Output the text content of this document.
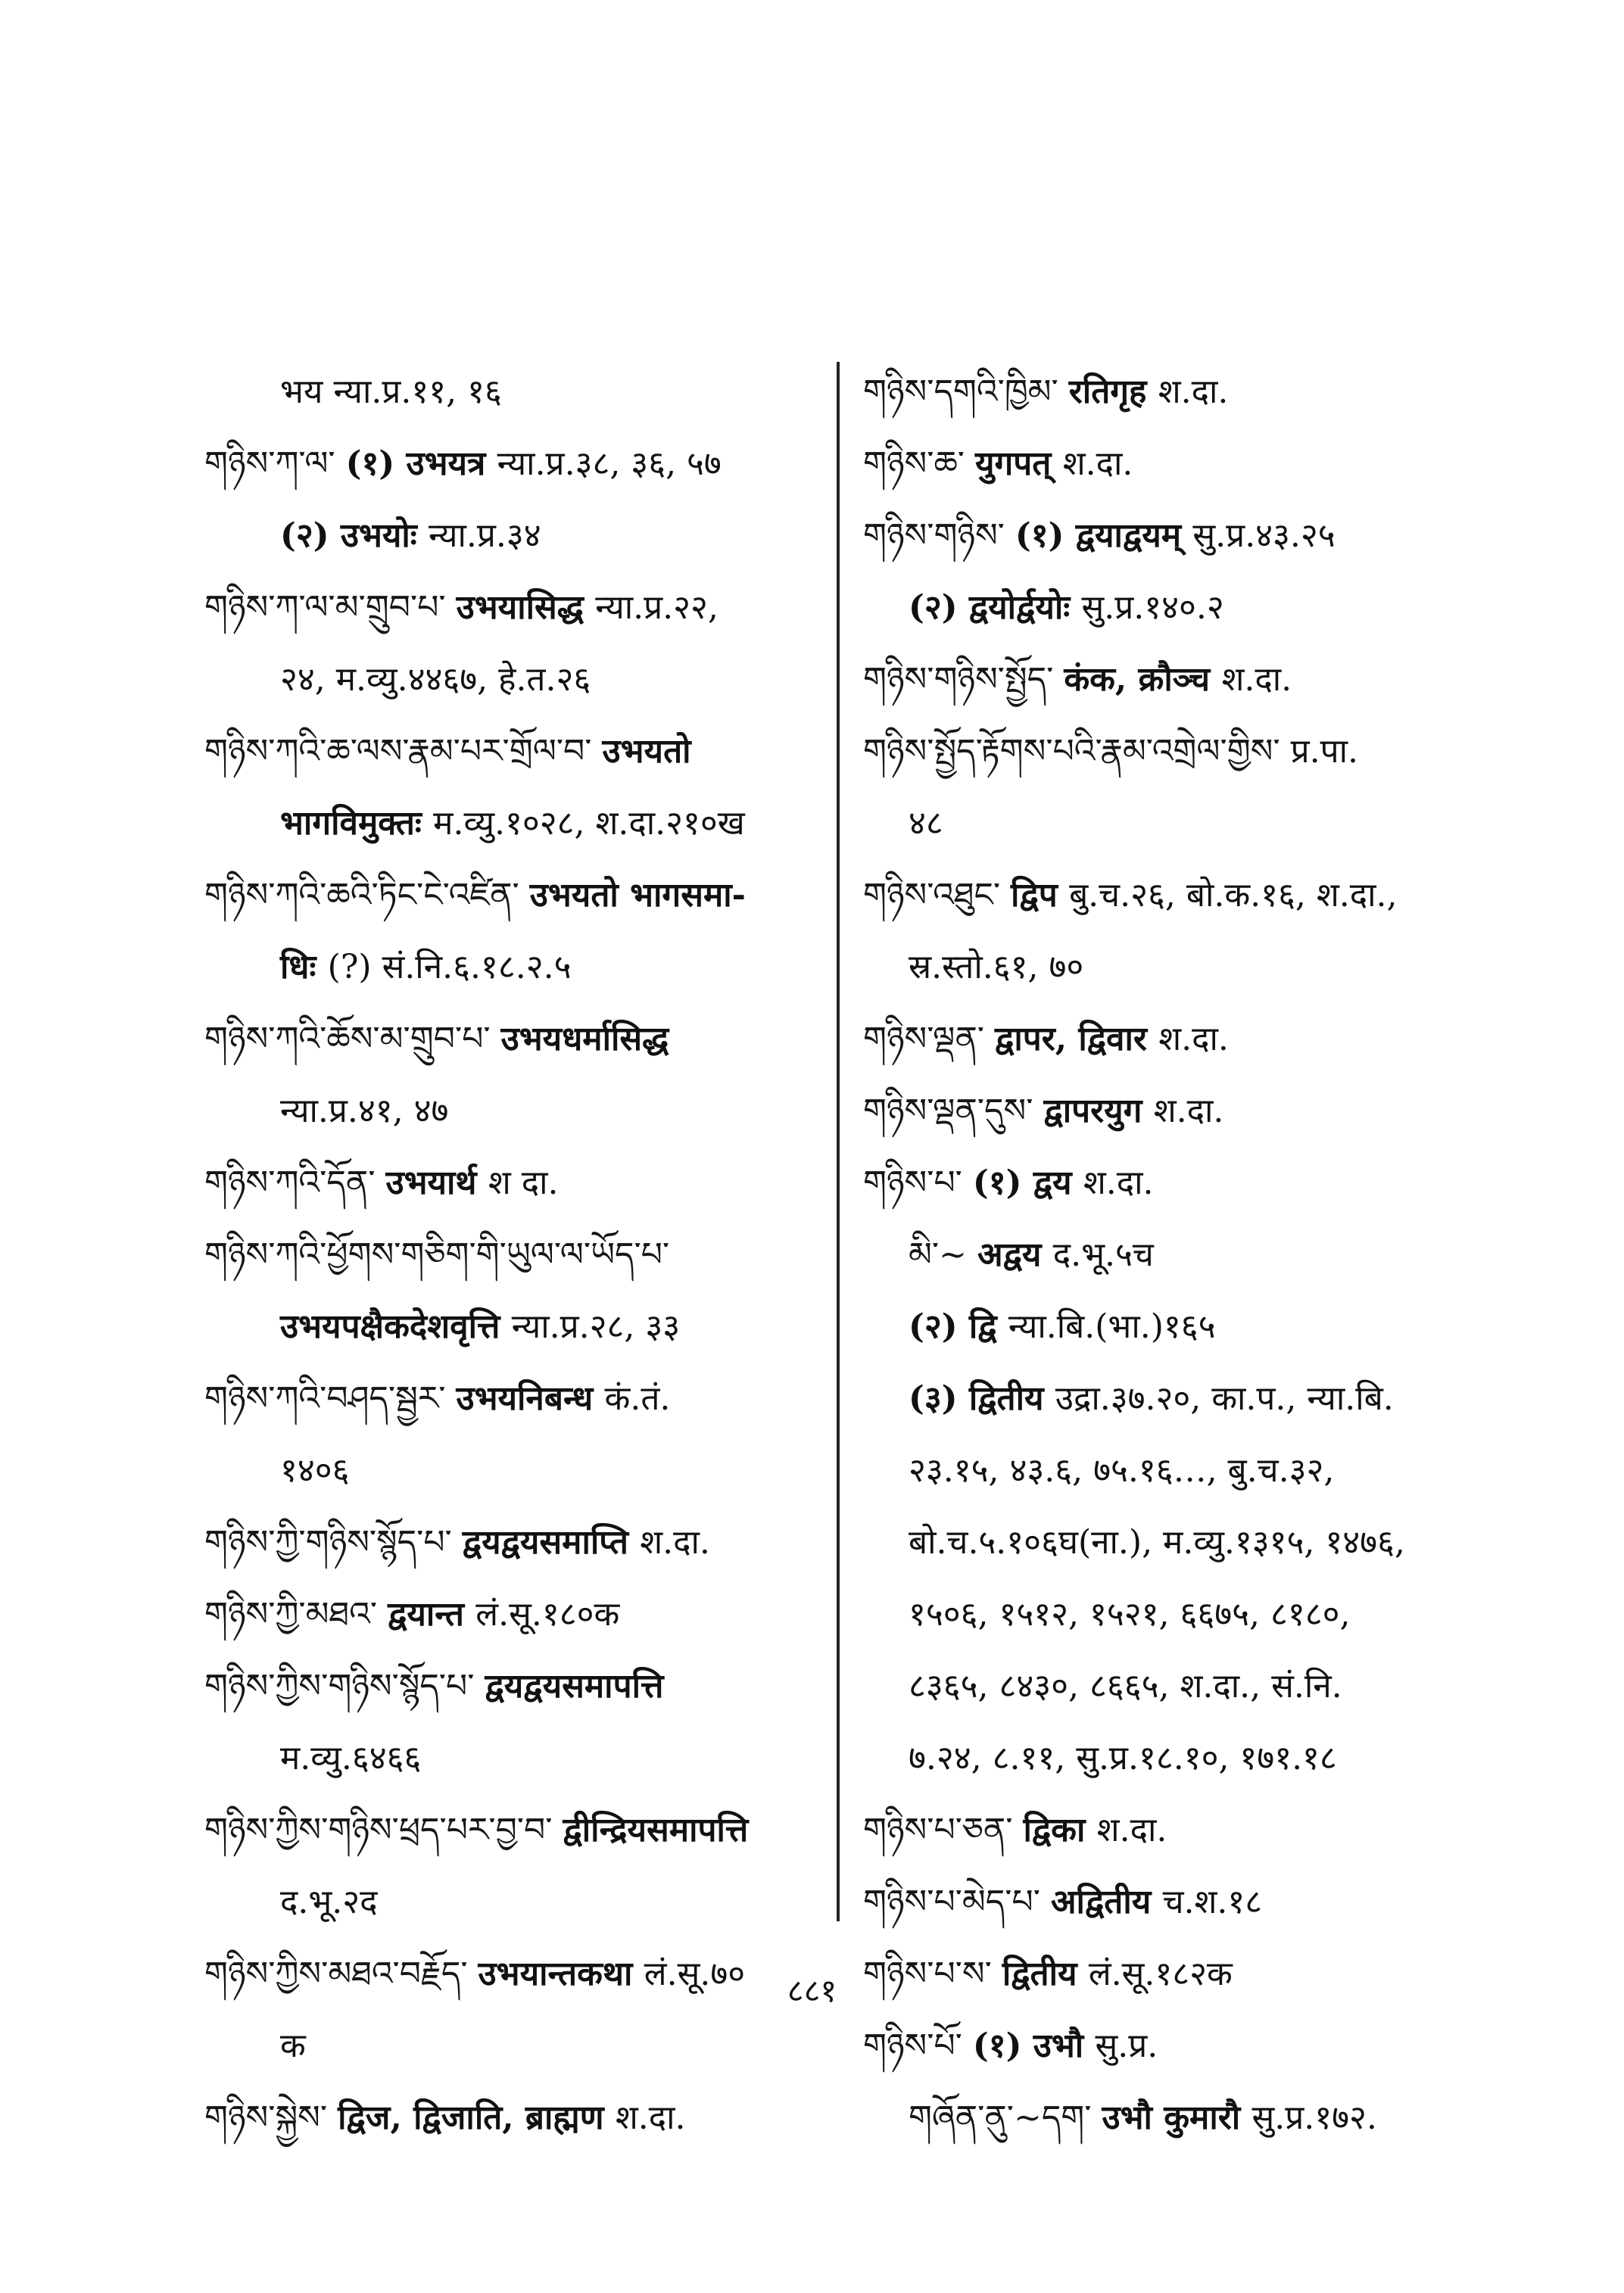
भय न्या.प्र.११, १६
གཉིས་ཀ་ལ་ (१) उभयत्र न्या.प्र.३८, ३६, ५७
(२) उभयोः न्या.प्र.३४
གཉིས་ཀ་ལ་མ་གྲུབ་པ་ उभयासिद्ध न्या.प्र.२२,
२४, म.व्यु.४४६७, हे.त.२६
གཉིས་ཀའི་ཆ་ལས་རྣམ་པར་གྲོལ་བ་ उभयतो
भागविमुक्तः म.व्यु.१०२८, श.दा.२१०ख
གཉིས་ཀའི་ཆའི་ཏིང་ངེ་འཛིན་ उभयतो भागसमा-
धिः (?) सं.नि.६.१८.२.५
གཉིས་ཀའི་ཆོས་མ་གྲུབ་པ་ उभयधर्मासिद्ध
न्या.प्र.४१, ४७
གཉིས་ཀའི་དོན་ उभयार्थ श दा.
གཉིས་ཀའི་ཕྱོགས་གཅིག་གི་ཡུལ་ལ་ཡོད་པ་
उभयपक्षैकदेशवृत्ति न्या.प्र.२८, ३३
གཉིས་ཀའི་བཤད་སྦྱར་ उभयनिबन्ध कं.तं.
१४०६
གཉིས་ཀྱི་གཉིས་སྙོད་པ་ द्वयद्वयसमाप्ति श.दा.
གཉིས་ཀྱི་མཐའ་ द्वयान्त लं.सू.१८०क
གཉིས་ཀྱིས་གཉིས་སྙོད་པ་ द्वयद्वयसमापत्ति
म.व्यु.६४६६
གཉིས་ཀྱིས་གཉིས་ཕྲད་པར་བྱ་བ་ द्वीन्द्रियसमापत्ति
द.भू.२द
གཉིས་ཀྱིས་མཐའ་བརྗོད་ उभयान्तकथा लं.सू.७०
क
གཉིས་སྐྱེས་ द्विज, द्विजाति, ब्राह्मण श.दा.
གཉིས་དགའི་ཁྱིམ་ रतिगृह श.दा.
གཉིས་ཆ་ युगपत् श.दा.
གཉིས་གཉིས་ (१) द्वयाद्वयम् सु.प्र.४३.२५
(२) द्वयोर्द्वयोः सु.प्र.१४०.२
གཉིས་གཉིས་སྤྱོད་ कंक, क्रौञ्च श.दा.
གཉིས་སྤྱོད་རྟོགས་པའི་རྣམ་འགྲེལ་གྱིས་ प्र.पा.
४८
གཉིས་འཐུང་ द्विप बु.च.२६, बो.क.१६, श.दा.,
स्र.स्तो.६१, ७०
གཉིས་ལྡན་ द्वापर, द्विवार श.दा.
གཉིས་ལྡན་དུས་ द्वापरयुग श.दा.
གཉིས་པ་ (१) द्वय श.दा.
མི་~ अद्वय द.भू.५च
(२) द्वि न्या.बि.(भा.)१६५
(३) द्वितीय उद्रा.३७.२०, का.प., न्या.बि.
२३.१५, ४३.६, ७५.१६…, बु.च.३२,
बो.च.५.१०६घ(ना.), म.व्यु.१३१५, १४७६,
१५०६, १५१२, १५२१, ६६७५, ८१८०,
८३६५, ८४३०, ८६६५, श.दा., सं.नि.
७.२४, ८.११, सु.प्र.१८.१०, १७१.१८
གཉིས་པ་ཅན་ द्विका श.दा.
གཉིས་པ་མེད་པ་ अद्वितीय च.श.१८
གཉིས་པ་ས་ द्वितीय लं.सू.१८२क
གཉིས་པོ་ (१) उभौ सु.प्र.
གཞོན་ནུ་~དག་ उभौ कुमारौ सु.प्र.१७२.
८८१
